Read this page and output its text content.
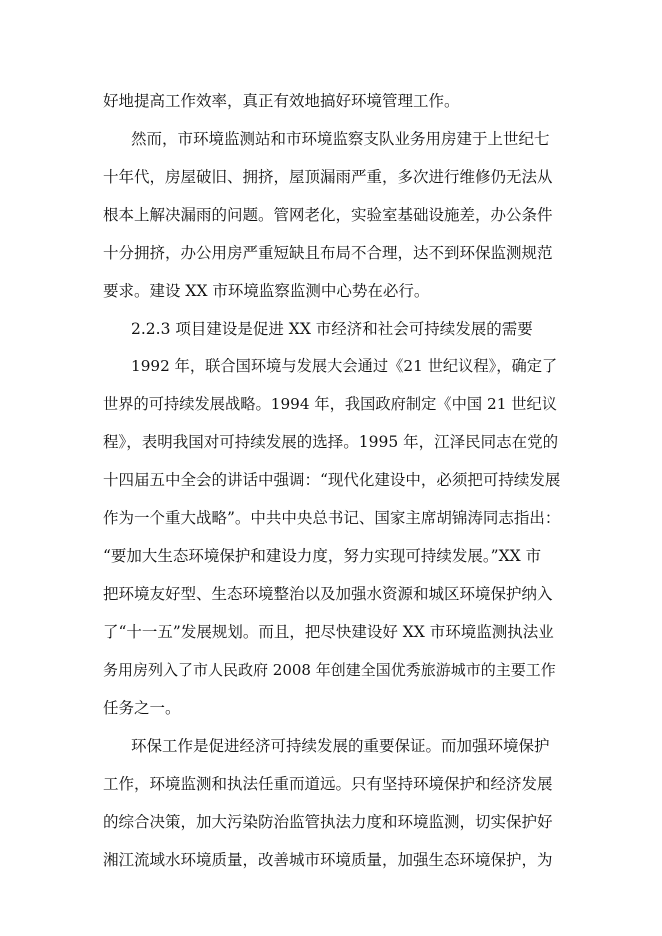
好地提高工作效率，真正有效地搞好环境管理工作。
然而，市环境监测站和市环境监察支队业务用房建于上世纪七
十年代，房屋破旧、拥挤，屋顶漏雨严重，多次进行维修仍无法从
根本上解决漏雨的问题。管网老化，实验室基础设施差，办公条件
十分拥挤，办公用房严重短缺且布局不合理，达不到环保监测规范
要求。建设 XX 市环境监察监测中心势在必行。
2.2.3 项目建设是促进 XX 市经济和社会可持续发展的需要
1992 年，联合国环境与发展大会通过《21 世纪议程》，确定了
世界的可持续发展战略。1994 年，我国政府制定《中国 21 世纪议
程》，表明我国对可持续发展的选择。1995 年，江泽民同志在党的
十四届五中全会的讲话中强调：“现代化建设中，必须把可持续发展
作为一个重大战略”。中共中央总书记、国家主席胡锦涛同志指出：
“要加大生态环境保护和建设力度，努力实现可持续发展。”XX 市
把环境友好型、生态环境整治以及加强水资源和城区环境保护纳入
了“十一五”发展规划。而且，把尽快建设好 XX 市环境监测执法业
务用房列入了市人民政府 2008 年创建全国优秀旅游城市的主要工作
任务之一。
环保工作是促进经济可持续发展的重要保证。而加强环境保护
工作，环境监测和执法任重而道远。只有坚持环境保护和经济发展
的综合决策，加大污染防治监管执法力度和环境监测，切实保护好
湘江流域水环境质量，改善城市环境质量，加强生态环境保护，为
